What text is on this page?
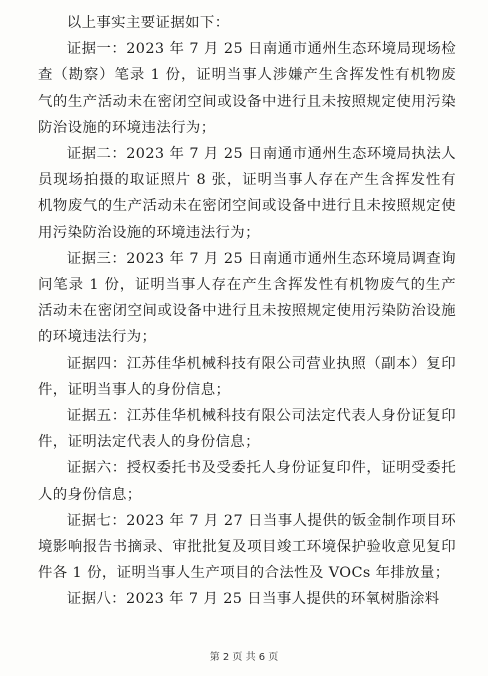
以上事实主要证据如下：

证据一：2023 年 7 月 25 日南通市通州生态环境局现场检查（勘察）笔录 1 份，证明当事人涉嫌产生含挥发性有机物废气的生产活动未在密闭空间或设备中进行且未按照规定使用污染防治设施的环境违法行为；

证据二：2023 年 7 月 25 日南通市通州生态环境局执法人员现场拍摄的取证照片 8 张，证明当事人存在产生含挥发性有机物废气的生产活动未在密闭空间或设备中进行且未按照规定使用污染防治设施的环境违法行为；

证据三：2023 年 7 月 25 日南通市通州生态环境局调查询问笔录 1 份，证明当事人存在产生含挥发性有机物废气的生产活动未在密闭空间或设备中进行且未按照规定使用污染防治设施的环境违法行为；

证据四：江苏佳华机械科技有限公司营业执照（副本）复印件，证明当事人的身份信息；

证据五：江苏佳华机械科技有限公司法定代表人身份证复印件，证明法定代表人的身份信息；

证据六：授权委托书及受委托人身份证复印件，证明受委托人的身份信息；

证据七：2023 年 7 月 27 日当事人提供的钣金制作项目环境影响报告书摘录、审批批复及项目竣工环境保护验收意见复印件各 1 份，证明当事人生产项目的合法性及 VOCs 年排放量；

证据八：2023 年 7 月 25 日当事人提供的环氧树脂涂料

第 2 页 共 6 页
